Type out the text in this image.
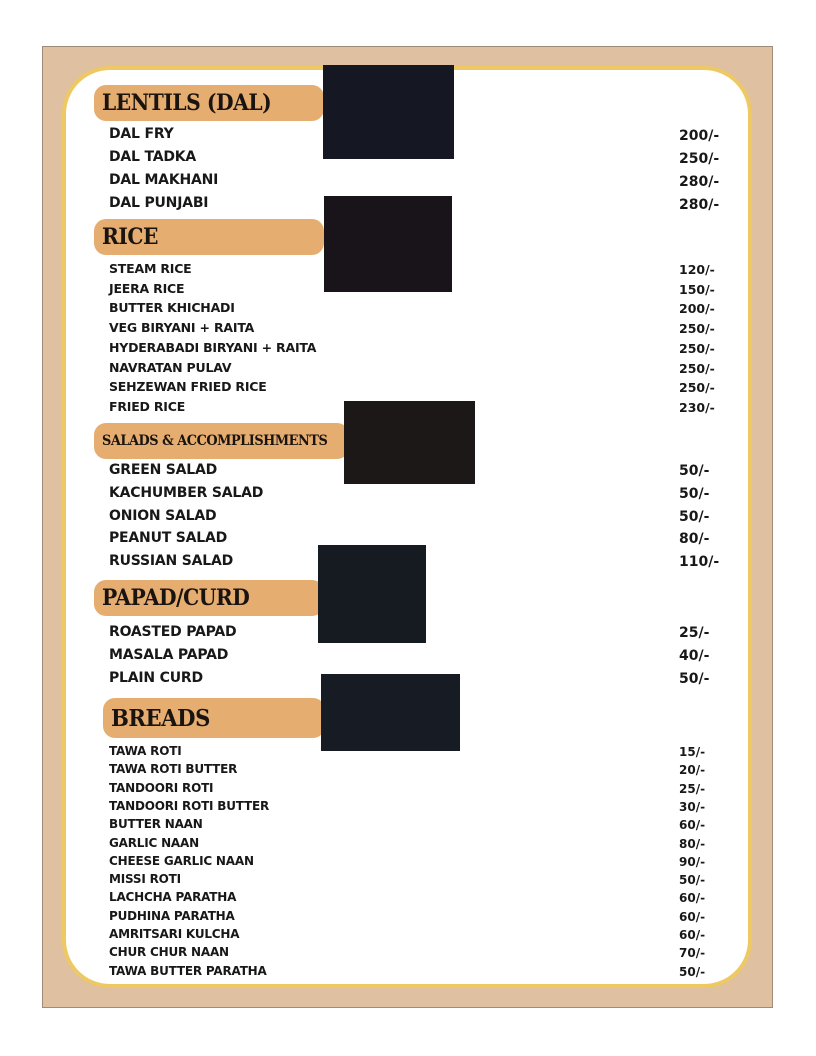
LENTILS (DAL)
RICE
SALADS & ACCOMPLISHMENTS
PAPAD/CURD
BREADS
DAL FRY	200/-
DAL TADKA	250/-
DAL MAKHANI	280/-
DAL PUNJABI	280/-
STEAM RICE	120/-
JEERA RICE	150/-
BUTTER KHICHADI	200/-
VEG BIRYANI + RAITA	250/-
HYDERABADI BIRYANI + RAITA	250/-
NAVRATAN PULAV	250/-
SEHZEWAN FRIED RICE	250/-
FRIED RICE	230/-
GREEN SALAD	50/-
KACHUMBER SALAD	50/-
ONION SALAD	50/-
PEANUT SALAD	80/-
RUSSIAN SALAD	110/-
ROASTED PAPAD	25/-
MASALA PAPAD	40/-
PLAIN CURD	50/-
TAWA ROTI	15/-
TAWA ROTI BUTTER	20/-
TANDOORI ROTI	25/-
TANDOORI ROTI BUTTER	30/-
BUTTER NAAN	60/-
GARLIC NAAN	80/-
CHEESE GARLIC NAAN	90/-
MISSI ROTI	50/-
LACHCHA PARATHA	60/-
PUDHINA PARATHA	60/-
AMRITSARI KULCHA	60/-
CHUR CHUR NAAN	70/-
TAWA BUTTER PARATHA	50/-
